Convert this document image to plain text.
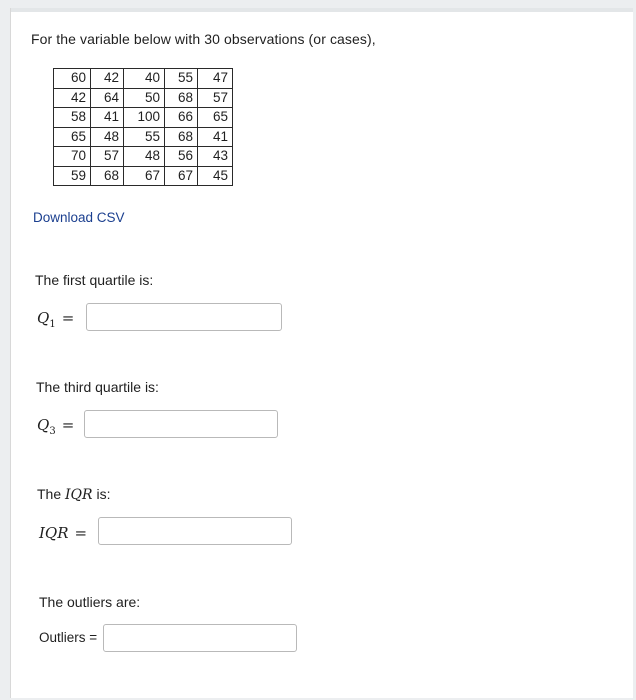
For the variable below with 30 observations (or cases),
60	42	40	55	47
42	64	50	68	57
58	41	100	66	65
65	48	55	68	41
70	57	48	56	43
59	68	67	67	45
Download CSV
The first quartile is:
$Q_1$ =
The third quartile is:
$Q_3$ =
The IQR is:
IQR =
The outliers are:
Outliers =
